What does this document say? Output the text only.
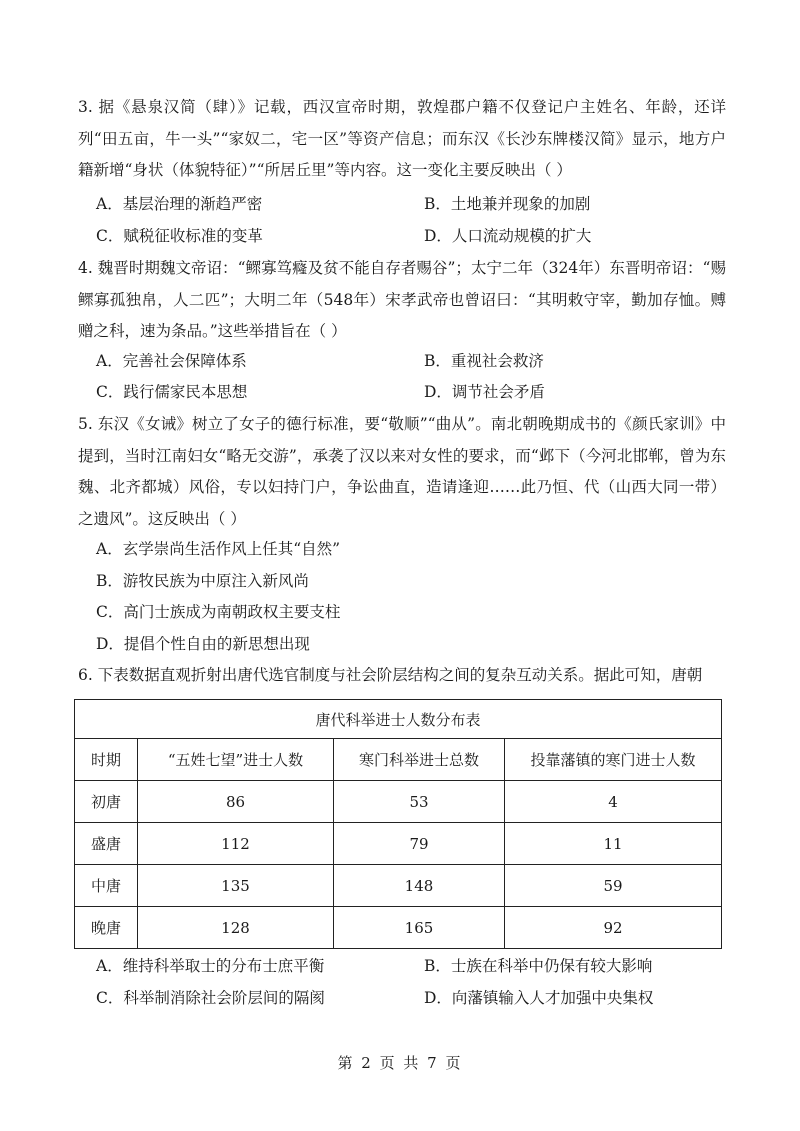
3. 据《悬泉汉简（肆）》记载，西汉宣帝时期，敦煌郡户籍不仅登记户主姓名、年龄，还详列“田五亩，牛一头”“家奴二，宅一区”等资产信息；而东汉《长沙东牌楼汉简》显示，地方户籍新增“身状（体貌特征）”“所居丘里”等内容。这一变化主要反映出（ ）
A．基层治理的渐趋严密	B．土地兼并现象的加剧
C．赋税征收标准的变革	D．人口流动规模的扩大
4. 魏晋时期魏文帝诏：“鳏寡笃癃及贫不能自存者赐谷”；太宁二年（324年）东晋明帝诏：“赐鳏寡孤独帛，人二匹”；大明二年（548年）宋孝武帝也曾诏曰：“其明敕守宰，勤加存恤。赙赠之科，速为条品。”这些举措旨在（ ）
A．完善社会保障体系	B．重视社会救济
C．践行儒家民本思想	D．调节社会矛盾
5. 东汉《女诫》树立了女子的德行标准，要“敬顺”“曲从”。南北朝晚期成书的《颜氏家训》中提到，当时江南妇女“略无交游”，承袭了汉以来对女性的要求，而“邺下（今河北邯郸，曾为东魏、北齐都城）风俗，专以妇持门户，争讼曲直，造请逢迎……此乃恒、代（山西大同一带）之遗风”。这反映出（ ）
A．玄学崇尚生活作风上任其“自然”
B．游牧民族为中原注入新风尚
C．高门士族成为南朝政权主要支柱
D．提倡个性自由的新思想出现
6. 下表数据直观折射出唐代选官制度与社会阶层结构之间的复杂互动关系。据此可知，唐朝
唐代科举进士人数分布表			
时期	“五姓七望”进士人数	寒门科举进士总数	投靠藩镇的寒门进士人数
初唐	86	53	4
盛唐	112	79	11
中唐	135	148	59
晚唐	128	165	92
A．维持科举取士的分布士庶平衡	B．士族在科举中仍保有较大影响
C．科举制消除社会阶层间的隔阂	D．向藩镇输入人才加强中央集权
第 2 页 共 7 页
